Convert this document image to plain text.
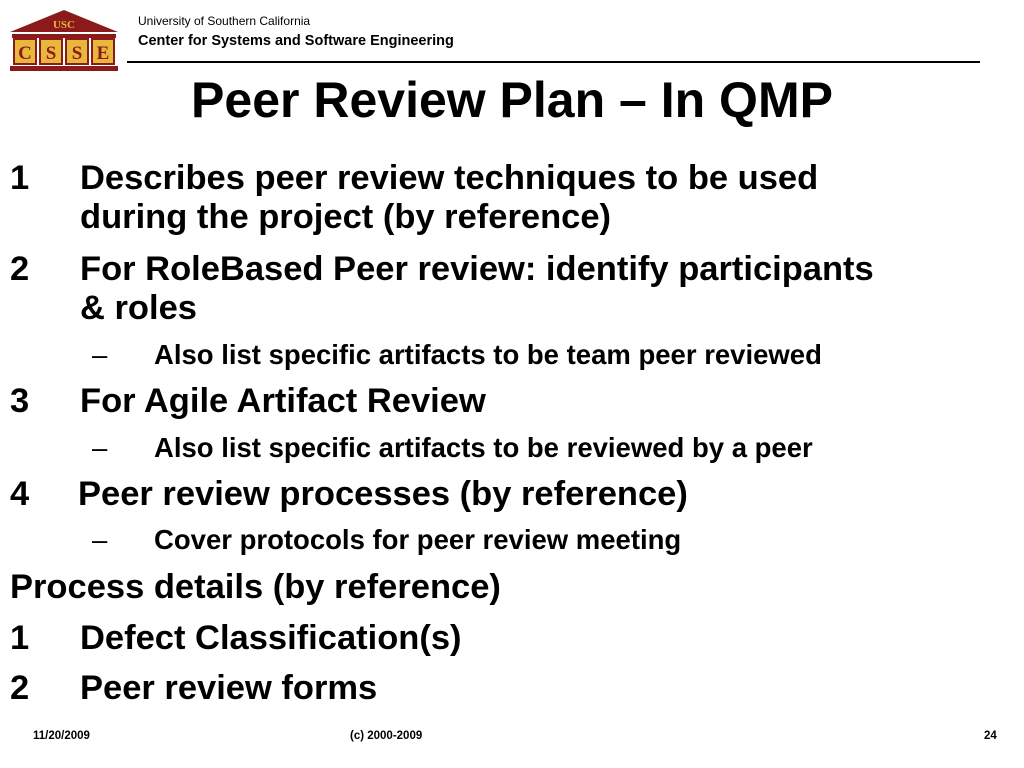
USC
C S S E
University of Southern California
Center for Systems and Software Engineering
Peer Review Plan – In QMP
1 Describes peer review techniques to be used
during the project (by reference)
2 For RoleBased Peer review: identify participants
& roles
– Also list specific artifacts to be team peer reviewed
3 For Agile Artifact Review
– Also list specific artifacts to be reviewed by a peer
4 Peer review processes (by reference)
– Cover protocols for peer review meeting
Process details (by reference)
1 Defect Classification(s)
2 Peer review forms
11/20/2009	(c) 2000-2009	24
